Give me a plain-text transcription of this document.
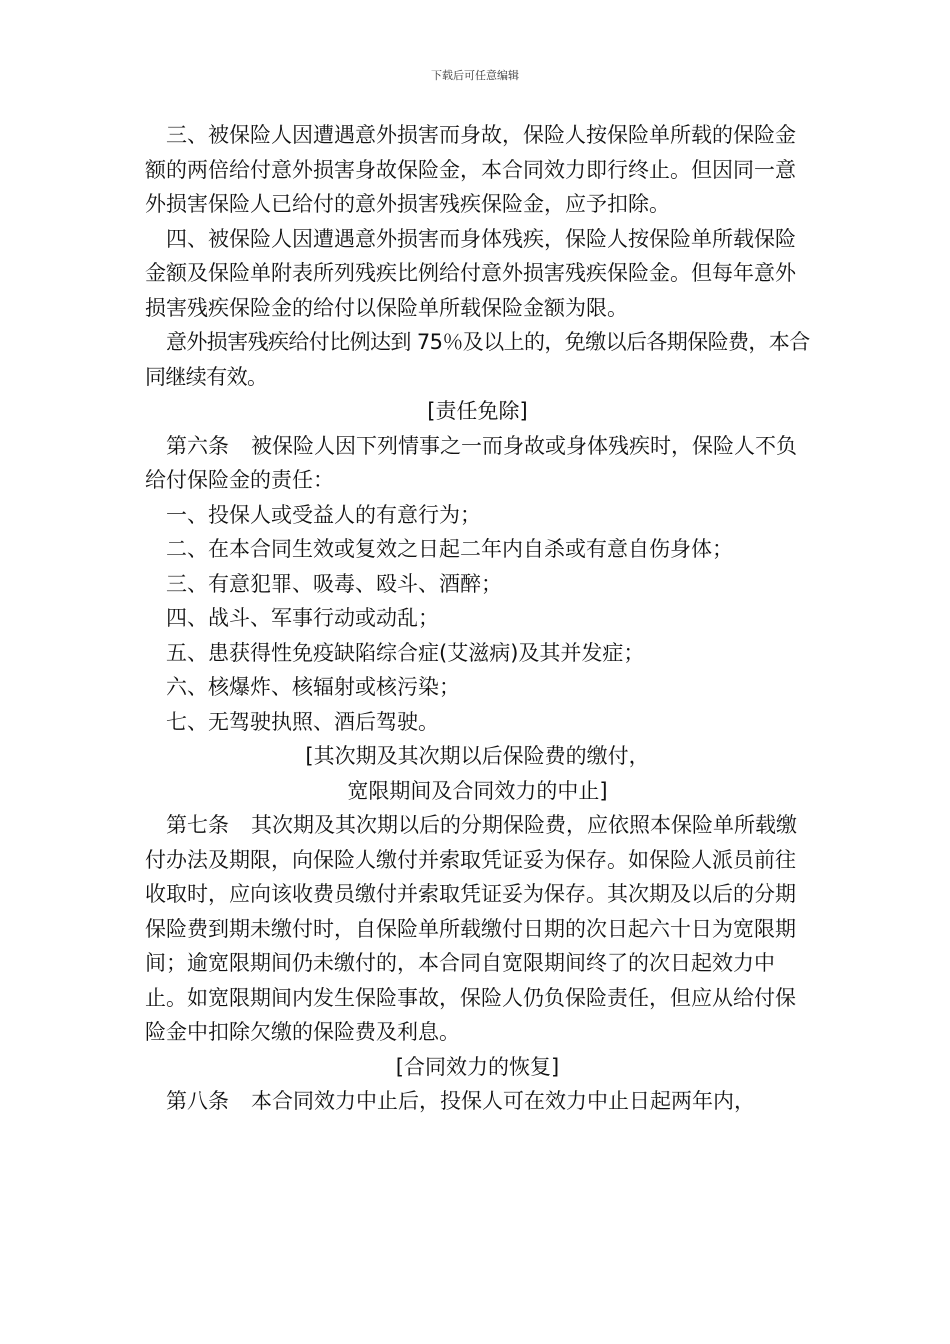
下载后可任意编辑

三、被保险人因遭遇意外损害而身故，保险人按保险单所载的保险金额的两倍给付意外损害身故保险金，本合同效力即行终止。但因同一意外损害保险人已给付的意外损害残疾保险金，应予扣除。

四、被保险人因遭遇意外损害而身体残疾，保险人按保险单所载保险金额及保险单附表所列残疾比例给付意外损害残疾保险金。但每年意外损害残疾保险金的给付以保险单所载保险金额为限。

意外损害残疾给付比例达到 75％及以上的，免缴以后各期保险费，本合同继续有效。

[责任免除]

第六条 被保险人因下列情事之一而身故或身体残疾时，保险人不负给付保险金的责任：

一、投保人或受益人的有意行为；

二、在本合同生效或复效之日起二年内自杀或有意自伤身体；

三、有意犯罪、吸毒、殴斗、酒醉；

四、战斗、军事行动或动乱；

五、患获得性免疫缺陷综合症(艾滋病)及其并发症；

六、核爆炸、核辐射或核污染；

七、无驾驶执照、酒后驾驶。

[其次期及其次期以后保险费的缴付，

宽限期间及合同效力的中止]

第七条 其次期及其次期以后的分期保险费，应依照本保险单所载缴付办法及期限，向保险人缴付并索取凭证妥为保存。如保险人派员前往收取时，应向该收费员缴付并索取凭证妥为保存。其次期及以后的分期保险费到期未缴付时，自保险单所载缴付日期的次日起六十日为宽限期间；逾宽限期间仍未缴付的，本合同自宽限期间终了的次日起效力中止。如宽限期间内发生保险事故，保险人仍负保险责任，但应从给付保险金中扣除欠缴的保险费及利息。

[合同效力的恢复]

第八条 本合同效力中止后，投保人可在效力中止日起两年内，
